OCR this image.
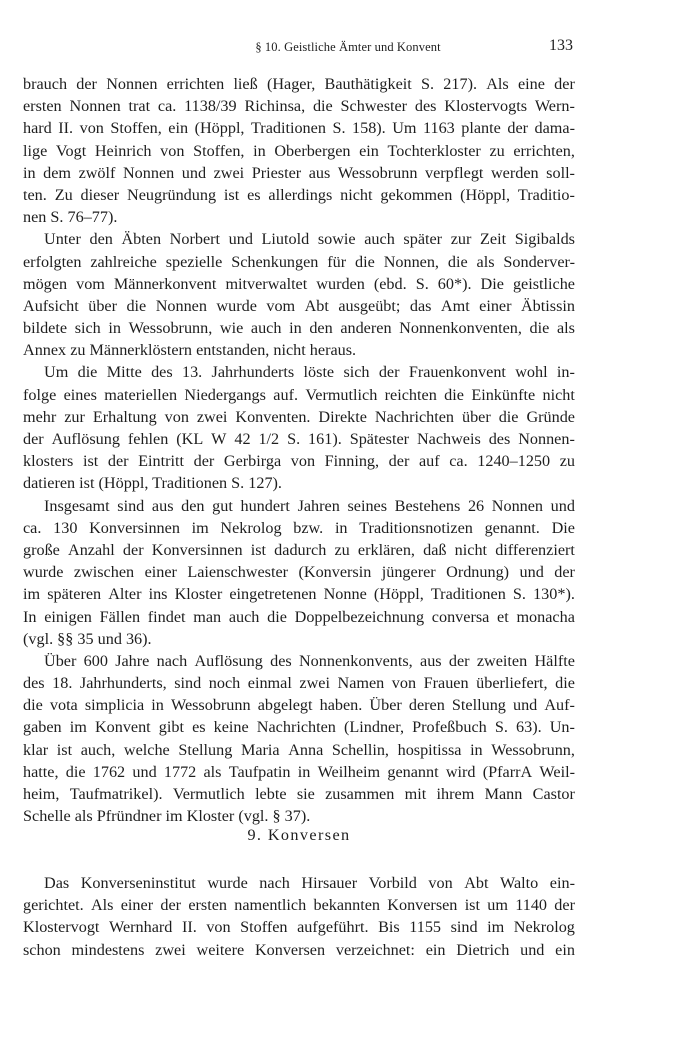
§ 10. Geistliche Ämter und Konvent	133
brauch der Nonnen errichten ließ (Hager, Bauthätigkeit S. 217). Als eine der
ersten Nonnen trat ca. 1138/39 Richinsa, die Schwester des Klostervogts Wern-
hard II. von Stoffen, ein (Höppl, Traditionen S. 158). Um 1163 plante der dama-
lige Vogt Heinrich von Stoffen, in Oberbergen ein Tochterkloster zu errichten,
in dem zwölf Nonnen und zwei Priester aus Wessobrunn verpflegt werden soll-
ten. Zu dieser Neugründung ist es allerdings nicht gekommen (Höppl, Traditio-
nen S. 76–77).
Unter den Äbten Norbert und Liutold sowie auch später zur Zeit Sigibalds
erfolgten zahlreiche spezielle Schenkungen für die Nonnen, die als Sonderver-
mögen vom Männerkonvent mitverwaltet wurden (ebd. S. 60*). Die geistliche
Aufsicht über die Nonnen wurde vom Abt ausgeübt; das Amt einer Äbtissin
bildete sich in Wessobrunn, wie auch in den anderen Nonnenkonventen, die als
Annex zu Männerklöstern entstanden, nicht heraus.
Um die Mitte des 13. Jahrhunderts löste sich der Frauenkonvent wohl in-
folge eines materiellen Niedergangs auf. Vermutlich reichten die Einkünfte nicht
mehr zur Erhaltung von zwei Konventen. Direkte Nachrichten über die Gründe
der Auflösung fehlen (KL W 42 1/2 S. 161). Spätester Nachweis des Nonnen-
klosters ist der Eintritt der Gerbirga von Finning, der auf ca. 1240–1250 zu
datieren ist (Höppl, Traditionen S. 127).
Insgesamt sind aus den gut hundert Jahren seines Bestehens 26 Nonnen und
ca. 130 Konversinnen im Nekrolog bzw. in Traditionsnotizen genannt. Die
große Anzahl der Konversinnen ist dadurch zu erklären, daß nicht differenziert
wurde zwischen einer Laienschwester (Konversin jüngerer Ordnung) und der
im späteren Alter ins Kloster eingetretenen Nonne (Höppl, Traditionen S. 130*).
In einigen Fällen findet man auch die Doppelbezeichnung conversa et monacha
(vgl. §§ 35 und 36).
Über 600 Jahre nach Auflösung des Nonnenkonvents, aus der zweiten Hälfte
des 18. Jahrhunderts, sind noch einmal zwei Namen von Frauen überliefert, die
die vota simplicia in Wessobrunn abgelegt haben. Über deren Stellung und Auf-
gaben im Konvent gibt es keine Nachrichten (Lindner, Profeßbuch S. 63). Un-
klar ist auch, welche Stellung Maria Anna Schellin, hospitissa in Wessobrunn,
hatte, die 1762 und 1772 als Taufpatin in Weilheim genannt wird (PfarrA Weil-
heim, Taufmatrikel). Vermutlich lebte sie zusammen mit ihrem Mann Castor
Schelle als Pfründner im Kloster (vgl. § 37).
9. Konversen
Das Konverseninstitut wurde nach Hirsauer Vorbild von Abt Walto ein-
gerichtet. Als einer der ersten namentlich bekannten Konversen ist um 1140 der
Klostervogt Wernhard II. von Stoffen aufgeführt. Bis 1155 sind im Nekrolog
schon mindestens zwei weitere Konversen verzeichnet: ein Dietrich und ein
